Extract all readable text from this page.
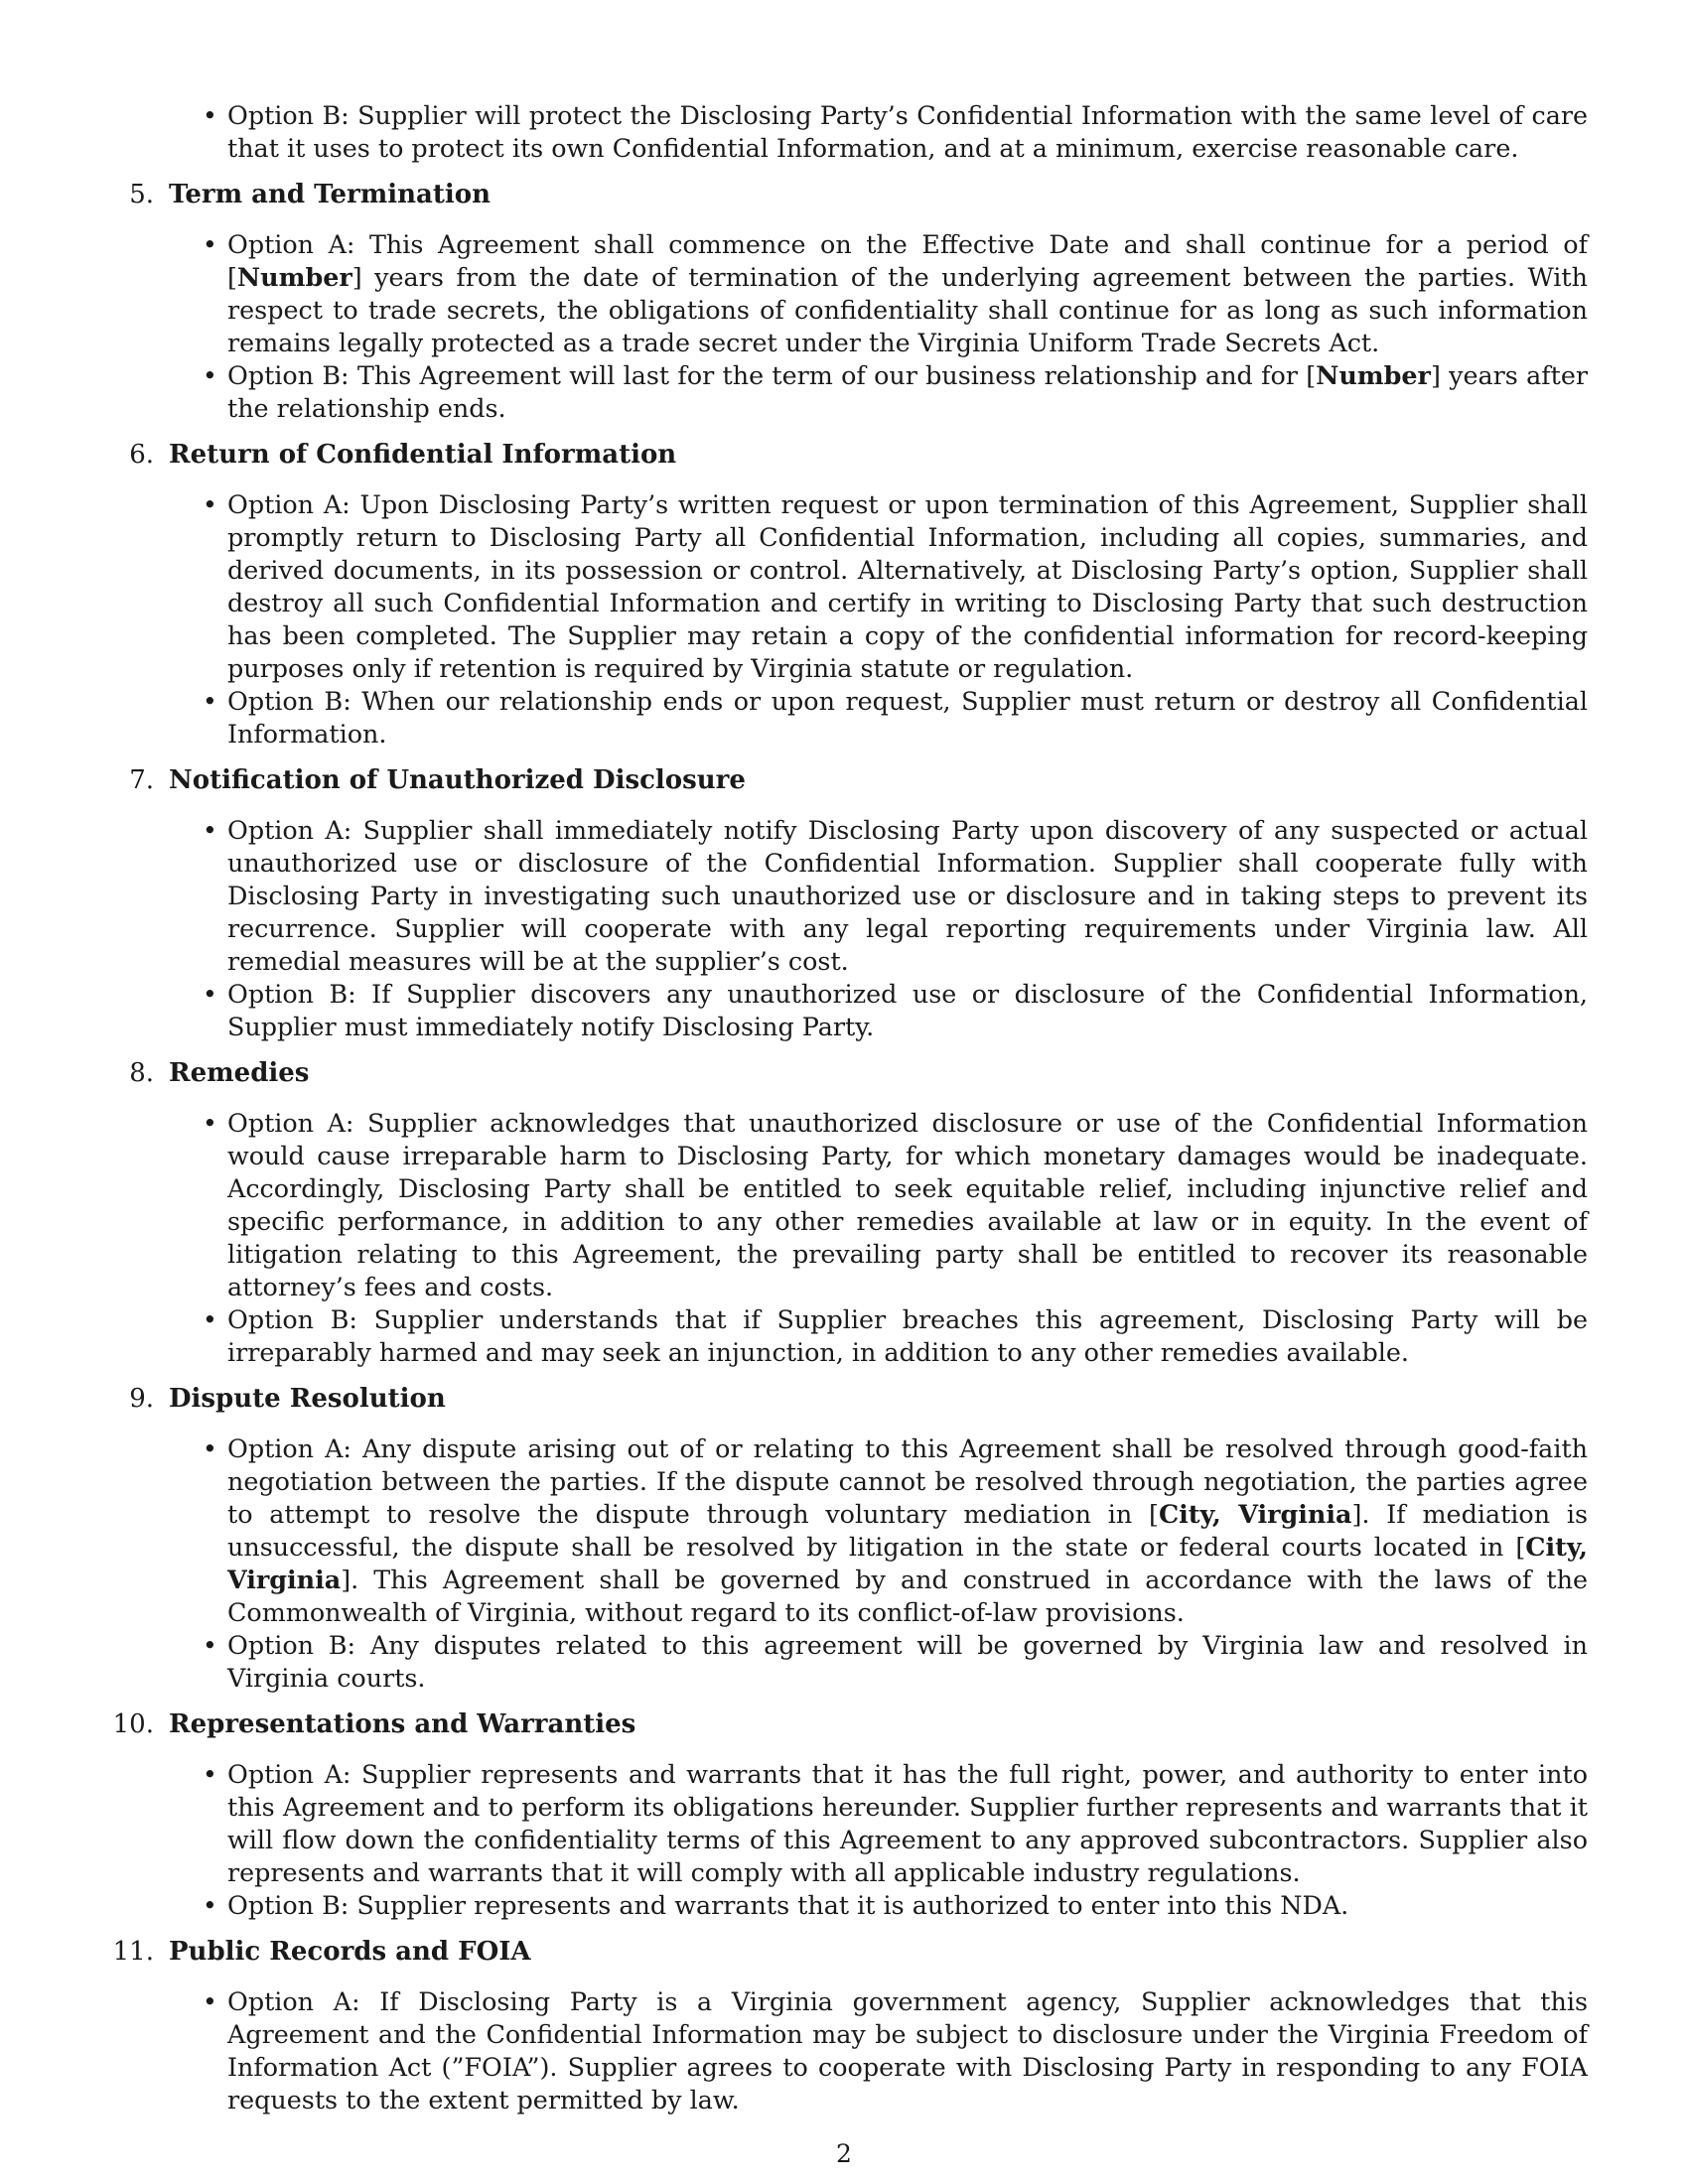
• Option B: Supplier will protect the Disclosing Party’s Confidential Information with the same level of care that it uses to protect its own Confidential Information, and at a minimum, exercise reasonable care.
5. Term and Termination
• Option A: This Agreement shall commence on the Effective Date and shall continue for a period of [Number] years from the date of termination of the underlying agreement between the parties. With respect to trade secrets, the obligations of confidentiality shall continue for as long as such information remains legally protected as a trade secret under the Virginia Uniform Trade Secrets Act.
• Option B: This Agreement will last for the term of our business relationship and for [Number] years after the relationship ends.
6. Return of Confidential Information
• Option A: Upon Disclosing Party’s written request or upon termination of this Agreement, Supplier shall promptly return to Disclosing Party all Confidential Information, including all copies, summaries, and derived documents, in its possession or control. Alternatively, at Disclosing Party’s option, Supplier shall destroy all such Confidential Information and certify in writing to Disclosing Party that such destruction has been completed. The Supplier may retain a copy of the confidential information for record-keeping purposes only if retention is required by Virginia statute or regulation.
• Option B: When our relationship ends or upon request, Supplier must return or destroy all Confidential Information.
7. Notification of Unauthorized Disclosure
• Option A: Supplier shall immediately notify Disclosing Party upon discovery of any suspected or actual unauthorized use or disclosure of the Confidential Information. Supplier shall cooperate fully with Disclosing Party in investigating such unauthorized use or disclosure and in taking steps to prevent its recurrence. Supplier will cooperate with any legal reporting requirements under Virginia law. All remedial measures will be at the supplier’s cost.
• Option B: If Supplier discovers any unauthorized use or disclosure of the Confidential Information, Supplier must immediately notify Disclosing Party.
8. Remedies
• Option A: Supplier acknowledges that unauthorized disclosure or use of the Confidential Information would cause irreparable harm to Disclosing Party, for which monetary damages would be inadequate. Accordingly, Disclosing Party shall be entitled to seek equitable relief, including injunctive relief and specific performance, in addition to any other remedies available at law or in equity. In the event of litigation relating to this Agreement, the prevailing party shall be entitled to recover its reasonable attorney’s fees and costs.
• Option B: Supplier understands that if Supplier breaches this agreement, Disclosing Party will be irreparably harmed and may seek an injunction, in addition to any other remedies available.
9. Dispute Resolution
• Option A: Any dispute arising out of or relating to this Agreement shall be resolved through good-faith negotiation between the parties. If the dispute cannot be resolved through negotiation, the parties agree to attempt to resolve the dispute through voluntary mediation in [City, Virginia]. If mediation is unsuccessful, the dispute shall be resolved by litigation in the state or federal courts located in [City, Virginia]. This Agreement shall be governed by and construed in accordance with the laws of the Commonwealth of Virginia, without regard to its conflict-of-law provisions.
• Option B: Any disputes related to this agreement will be governed by Virginia law and resolved in Virginia courts.
10. Representations and Warranties
• Option A: Supplier represents and warrants that it has the full right, power, and authority to enter into this Agreement and to perform its obligations hereunder. Supplier further represents and warrants that it will flow down the confidentiality terms of this Agreement to any approved subcontractors. Supplier also represents and warrants that it will comply with all applicable industry regulations.
• Option B: Supplier represents and warrants that it is authorized to enter into this NDA.
11. Public Records and FOIA
• Option A: If Disclosing Party is a Virginia government agency, Supplier acknowledges that this Agreement and the Confidential Information may be subject to disclosure under the Virginia Freedom of Information Act (”FOIA”). Supplier agrees to cooperate with Disclosing Party in responding to any FOIA requests to the extent permitted by law.
2
